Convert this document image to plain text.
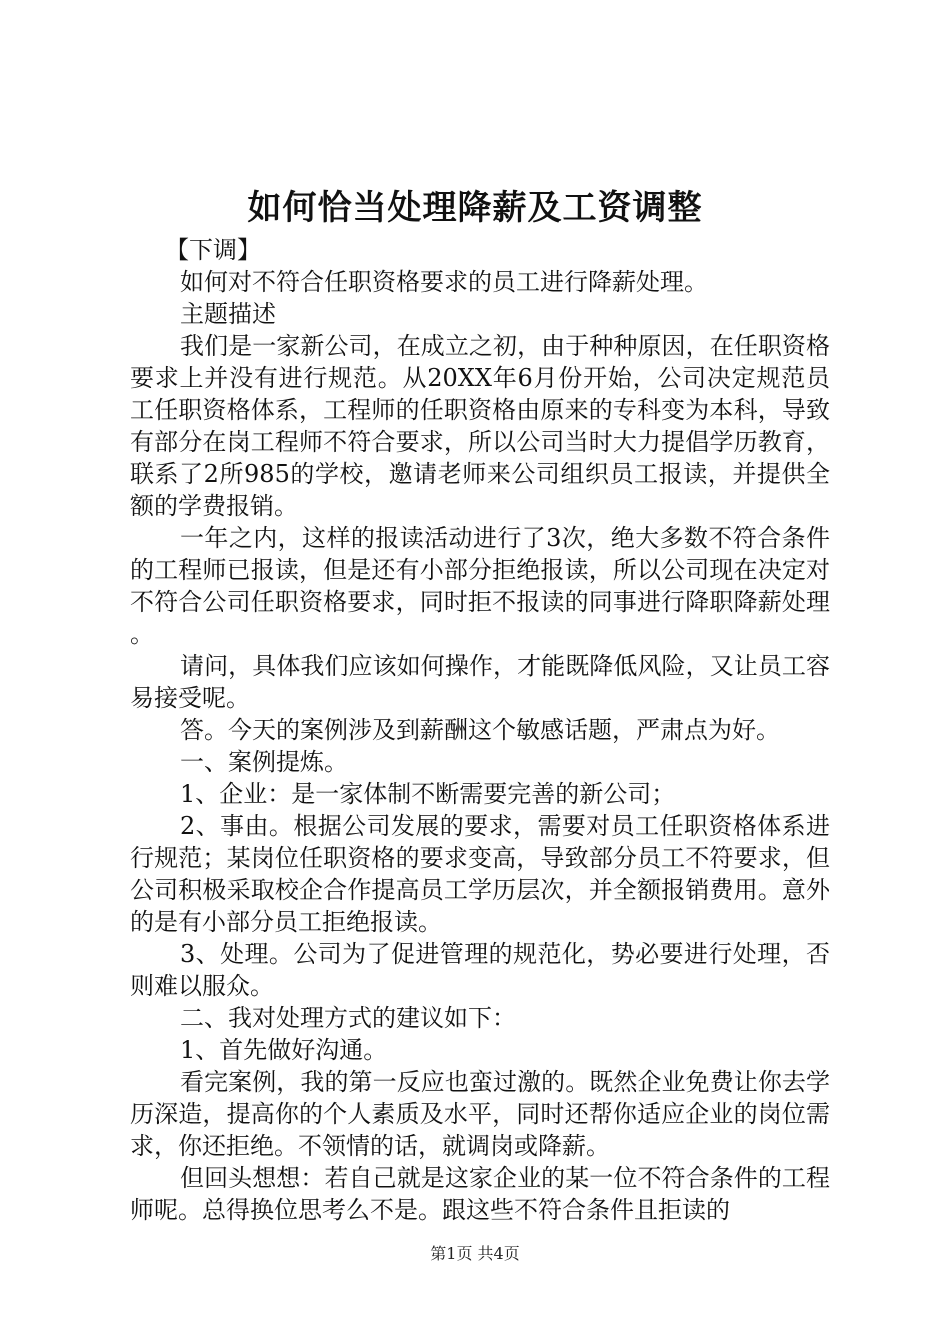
如何恰当处理降薪及工资调整

【下调】

如何对不符合任职资格要求的员工进行降薪处理。

主题描述

我们是一家新公司，在成立之初，由于种种原因，在任职资格要求上并没有进行规范。从20XX年6月份开始，公司决定规范员工任职资格体系，工程师的任职资格由原来的专科变为本科，导致有部分在岗工程师不符合要求，所以公司当时大力提倡学历教育，联系了2所985的学校，邀请老师来公司组织员工报读，并提供全额的学费报销。

一年之内，这样的报读活动进行了3次，绝大多数不符合条件的工程师已报读，但是还有小部分拒绝报读，所以公司现在决定对不符合公司任职资格要求，同时拒不报读的同事进行降职降薪处理。

请问，具体我们应该如何操作，才能既降低风险，又让员工容易接受呢。

答。今天的案例涉及到薪酬这个敏感话题，严肃点为好。

一、案例提炼。

1、企业：是一家体制不断需要完善的新公司；

2、事由。根据公司发展的要求，需要对员工任职资格体系进行规范；某岗位任职资格的要求变高，导致部分员工不符要求，但公司积极采取校企合作提高员工学历层次，并全额报销费用。意外的是有小部分员工拒绝报读。

3、处理。公司为了促进管理的规范化，势必要进行处理，否则难以服众。

二、我对处理方式的建议如下：

1、首先做好沟通。

看完案例，我的第一反应也蛮过激的。既然企业免费让你去学历深造，提高你的个人素质及水平，同时还帮你适应企业的岗位需求，你还拒绝。不领情的话，就调岗或降薪。

但回头想想：若自己就是这家企业的某一位不符合条件的工程师呢。总得换位思考么不是。跟这些不符合条件且拒读的

第1页 共4页
